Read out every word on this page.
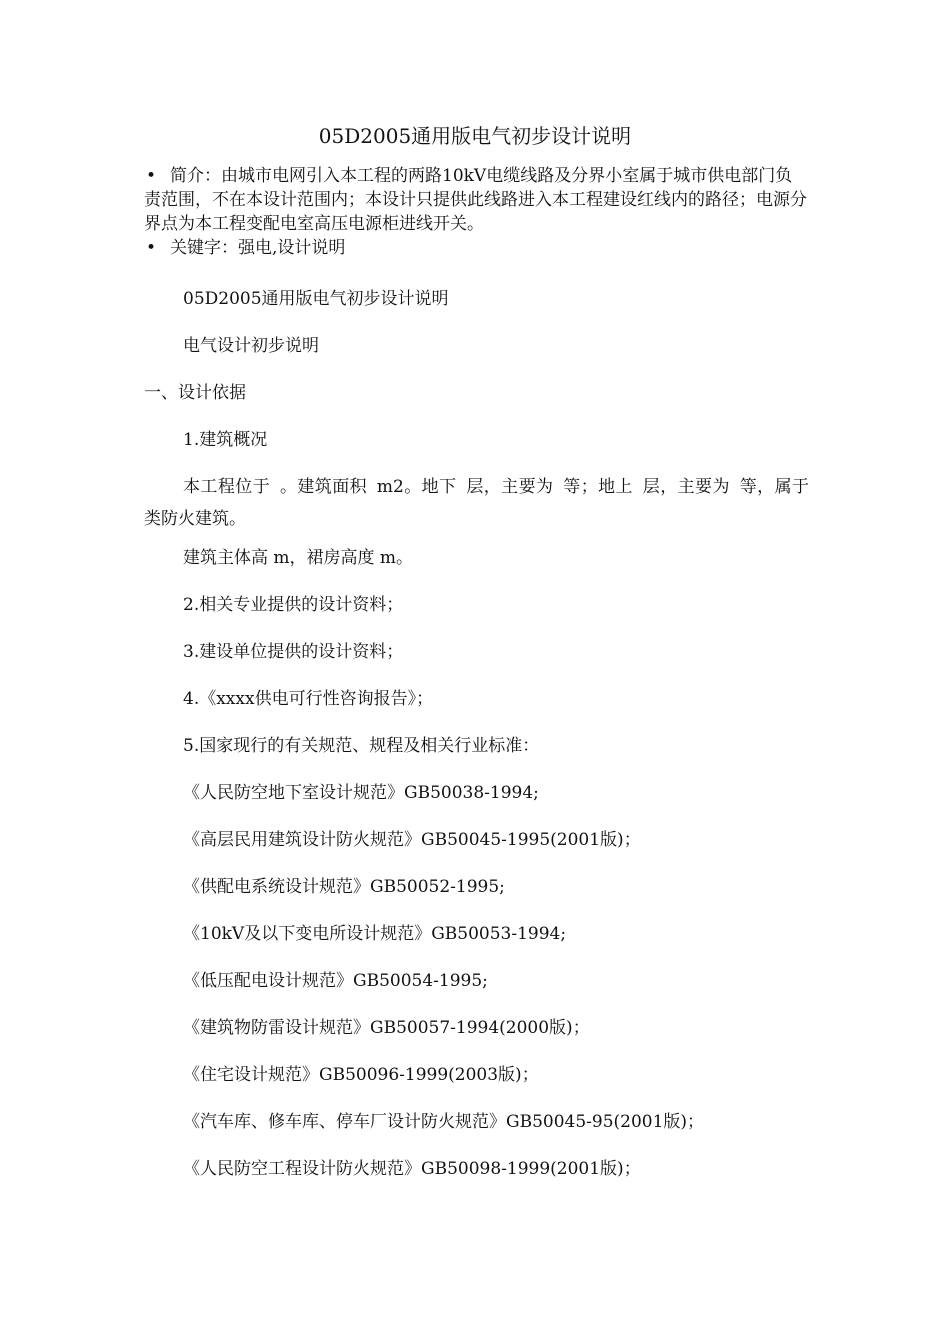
05D2005通用版电气初步设计说明

• 简介：由城市电网引入本工程的两路10kV电缆线路及分界小室属于城市供电部门负责范围，不在本设计范围内；本设计只提供此线路进入本工程建设红线内的路径；电源分界点为本工程变配电室高压电源柜进线开关。

• 关键字：强电,设计说明

05D2005通用版电气初步设计说明
电气设计初步说明
一、设计依据
1.建筑概况
本工程位于 。建筑面积 m2。地下 层，主要为 等；地上 层，主要为 等，属于 类防火建筑。
建筑主体高 m，裙房高度 m。
2.相关专业提供的设计资料；
3.建设单位提供的设计资料；
4.《xxxx供电可行性咨询报告》；
5.国家现行的有关规范、规程及相关行业标准：
《人民防空地下室设计规范》GB50038-1994;
《高层民用建筑设计防火规范》GB50045-1995(2001版)；
《供配电系统设计规范》GB50052-1995;
《10kV及以下变电所设计规范》GB50053-1994;
《低压配电设计规范》GB50054-1995;
《建筑物防雷设计规范》GB50057-1994(2000版)；
《住宅设计规范》GB50096-1999(2003版)；
《汽车库、修车库、停车厂设计防火规范》GB50045-95(2001版)；
《人民防空工程设计防火规范》GB50098-1999(2001版)；
